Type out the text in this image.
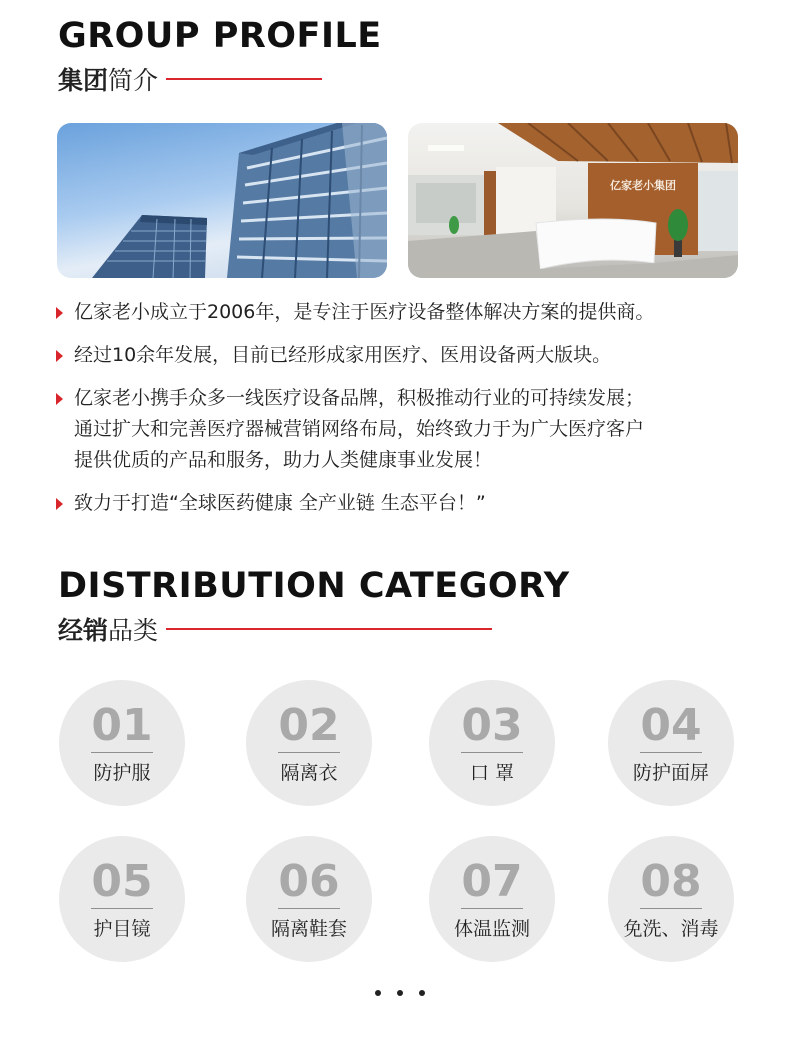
GROUP PROFILE
集团 简介
亿家老小集团
亿家老小成立于2006年，是专注于医疗设备整体解决方案的提供商。
经过10余年发展，目前已经形成家用医疗、医用设备两大版块。
亿家老小携手众多一线医疗设备品牌，积极推动行业的可持续发展；
通过扩大和完善医疗器械营销网络布局，始终致力于为广大医疗客户
提供优质的产品和服务，助力人类健康事业发展！
致力于打造“全球医药健康 全产业链 生态平台！”
DISTRIBUTION CATEGORY
经销 品类
01
防护服
02
隔离衣
03
口 罩
04
防护面屏
05
护目镜
06
隔离鞋套
07
体温监测
08
免洗、消毒
